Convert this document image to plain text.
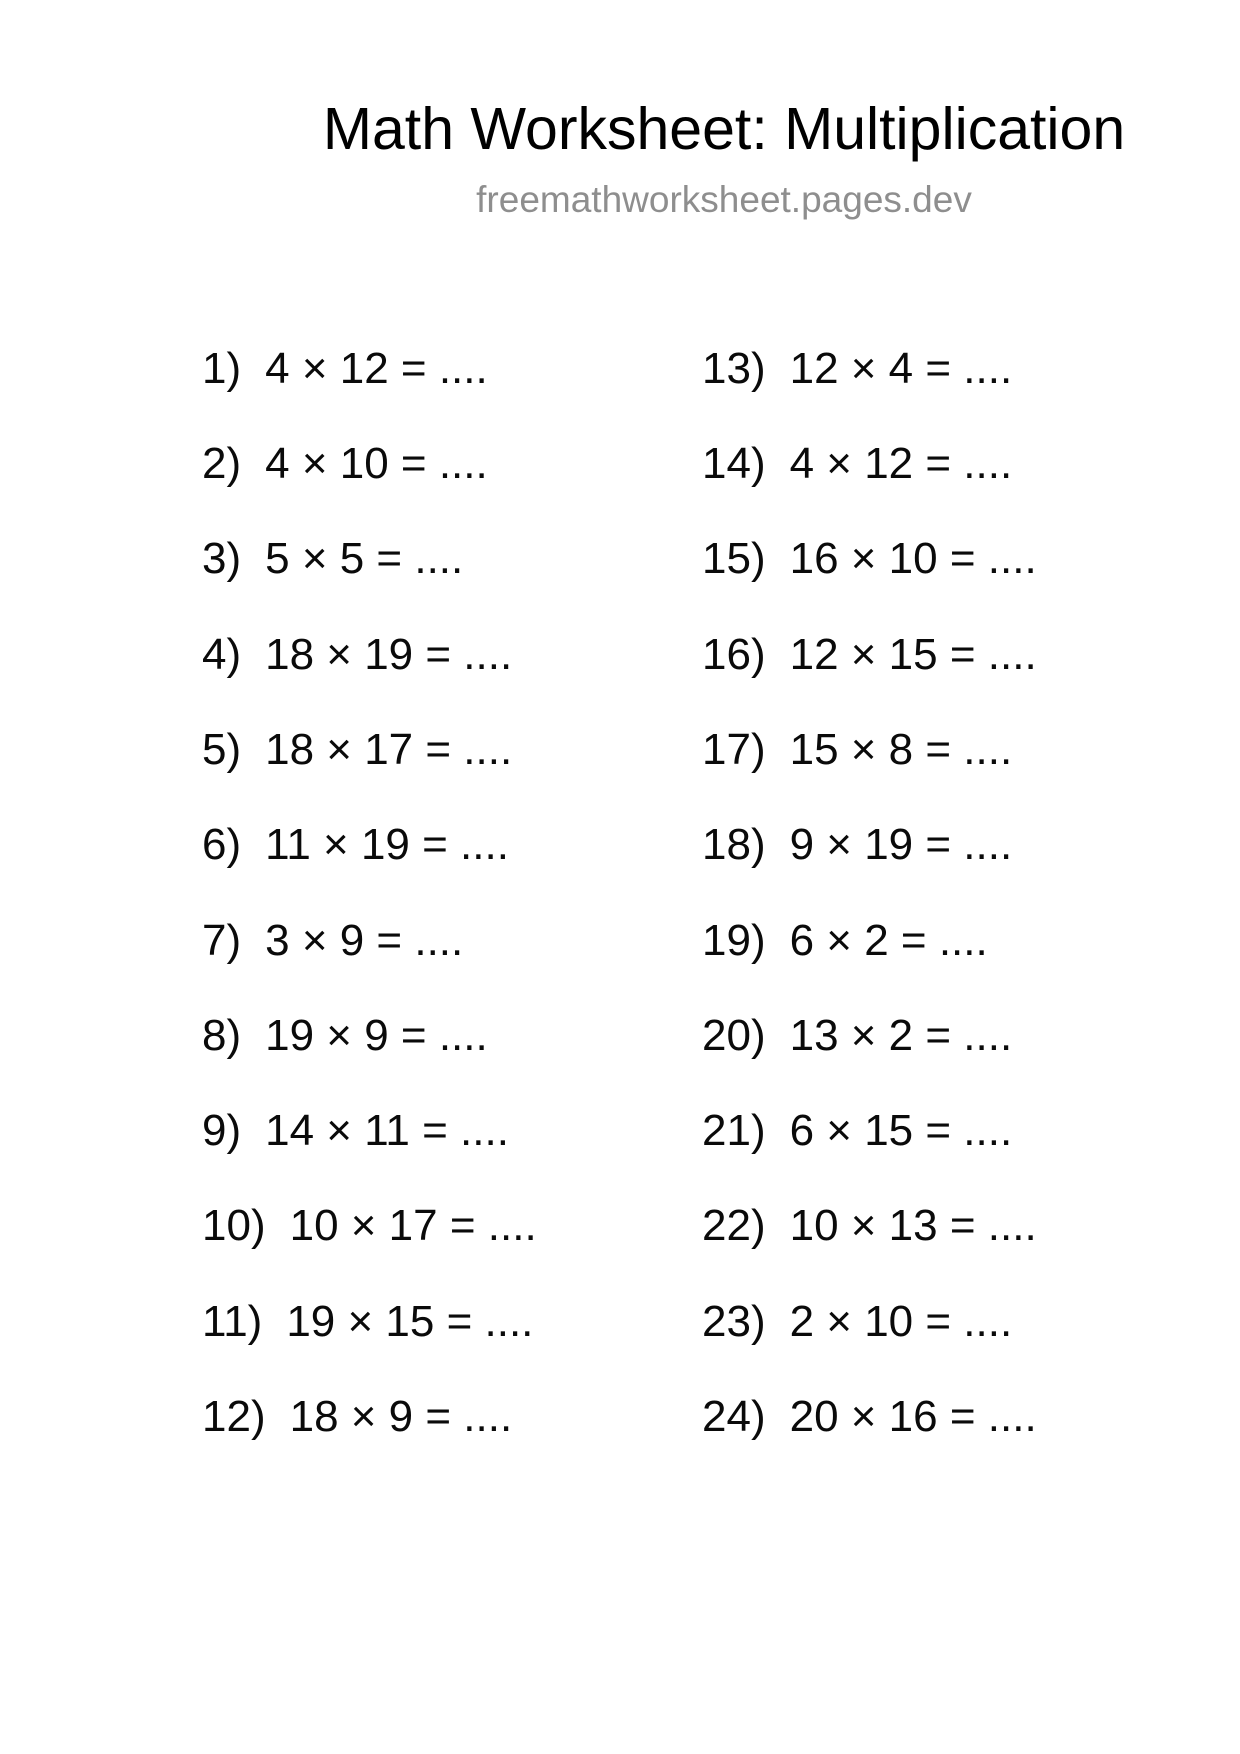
Math Worksheet: Multiplication
freemathworksheet.pages.dev
1) 4 × 12 = ....
2) 4 × 10 = ....
3) 5 × 5 = ....
4) 18 × 19 = ....
5) 18 × 17 = ....
6) 11 × 19 = ....
7) 3 × 9 = ....
8) 19 × 9 = ....
9) 14 × 11 = ....
10) 10 × 17 = ....
11) 19 × 15 = ....
12) 18 × 9 = ....
13) 12 × 4 = ....
14) 4 × 12 = ....
15) 16 × 10 = ....
16) 12 × 15 = ....
17) 15 × 8 = ....
18) 9 × 19 = ....
19) 6 × 2 = ....
20) 13 × 2 = ....
21) 6 × 15 = ....
22) 10 × 13 = ....
23) 2 × 10 = ....
24) 20 × 16 = ....
